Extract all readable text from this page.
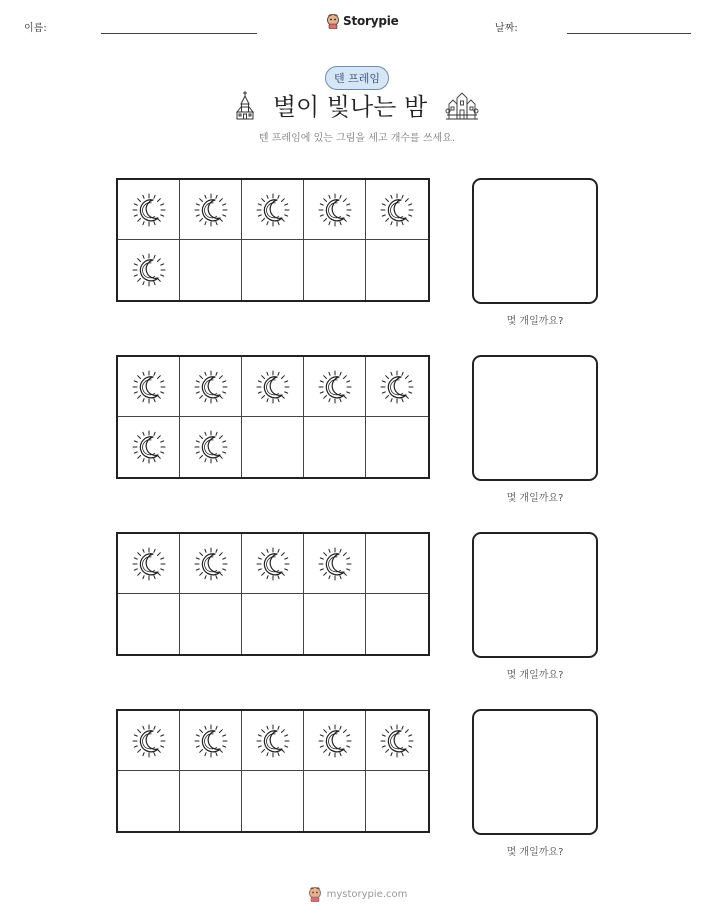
이름:
Storypie
날짜:
텐 프레임
별이 빛나는 밤
텐 프레임에 있는 그림을 세고 개수를 쓰세요.
몇 개일까요?
몇 개일까요?
몇 개일까요?
몇 개일까요?
mystorypie.com
